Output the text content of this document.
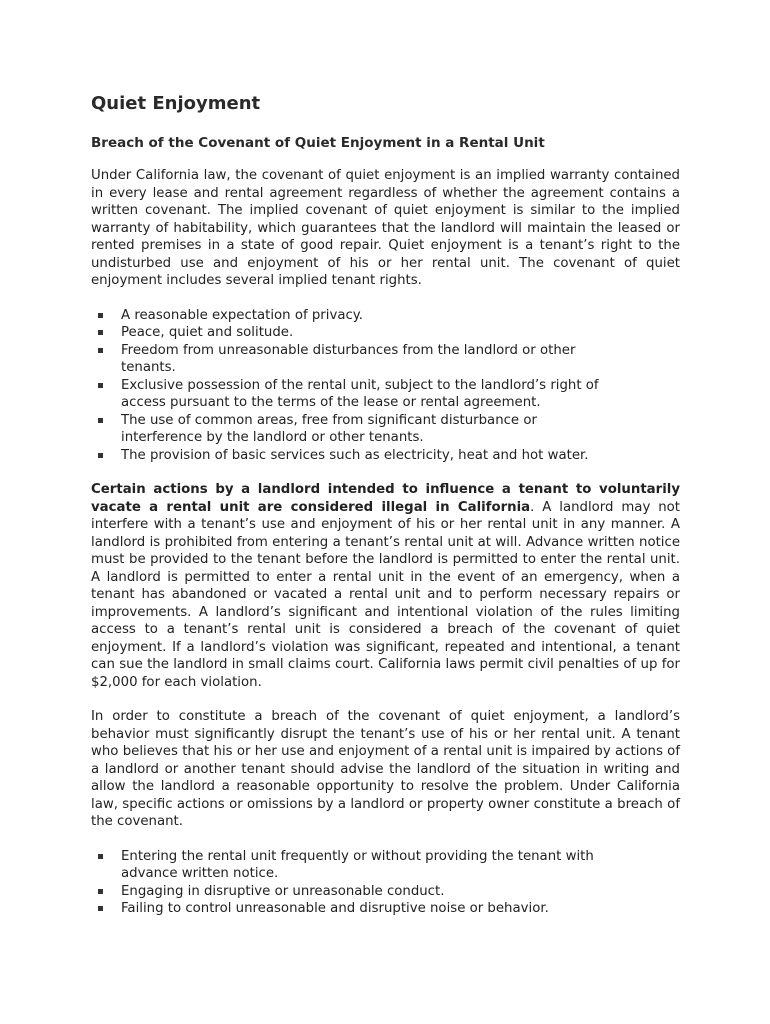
Quiet Enjoyment
Breach of the Covenant of Quiet Enjoyment in a Rental Unit

Under California law, the covenant of quiet enjoyment is an implied warranty contained in every lease and rental agreement regardless of whether the agreement contains a written covenant. The implied covenant of quiet enjoyment is similar to the implied warranty of habitability, which guarantees that the landlord will maintain the leased or rented premises in a state of good repair. Quiet enjoyment is a tenant’s right to the undisturbed use and enjoyment of his or her rental unit. The covenant of quiet enjoyment includes several implied tenant rights.

A reasonable expectation of privacy.
Peace, quiet and solitude.
Freedom from unreasonable disturbances from the landlord or other tenants.
Exclusive possession of the rental unit, subject to the landlord’s right of access pursuant to the terms of the lease or rental agreement.
The use of common areas, free from significant disturbance or interference by the landlord or other tenants.
The provision of basic services such as electricity, heat and hot water.

Certain actions by a landlord intended to influence a tenant to voluntarily vacate a rental unit are considered illegal in California. A landlord may not interfere with a tenant’s use and enjoyment of his or her rental unit in any manner. A landlord is prohibited from entering a tenant’s rental unit at will. Advance written notice must be provided to the tenant before the landlord is permitted to enter the rental unit. A landlord is permitted to enter a rental unit in the event of an emergency, when a tenant has abandoned or vacated a rental unit and to perform necessary repairs or improvements. A landlord’s significant and intentional violation of the rules limiting access to a tenant’s rental unit is considered a breach of the covenant of quiet enjoyment. If a landlord’s violation was significant, repeated and intentional, a tenant can sue the landlord in small claims court. California laws permit civil penalties of up for $2,000 for each violation.

In order to constitute a breach of the covenant of quiet enjoyment, a landlord’s behavior must significantly disrupt the tenant’s use of his or her rental unit. A tenant who believes that his or her use and enjoyment of a rental unit is impaired by actions of a landlord or another tenant should advise the landlord of the situation in writing and allow the landlord a reasonable opportunity to resolve the problem. Under California law, specific actions or omissions by a landlord or property owner constitute a breach of the covenant.

Entering the rental unit frequently or without providing the tenant with advance written notice.
Engaging in disruptive or unreasonable conduct.
Failing to control unreasonable and disruptive noise or behavior.
